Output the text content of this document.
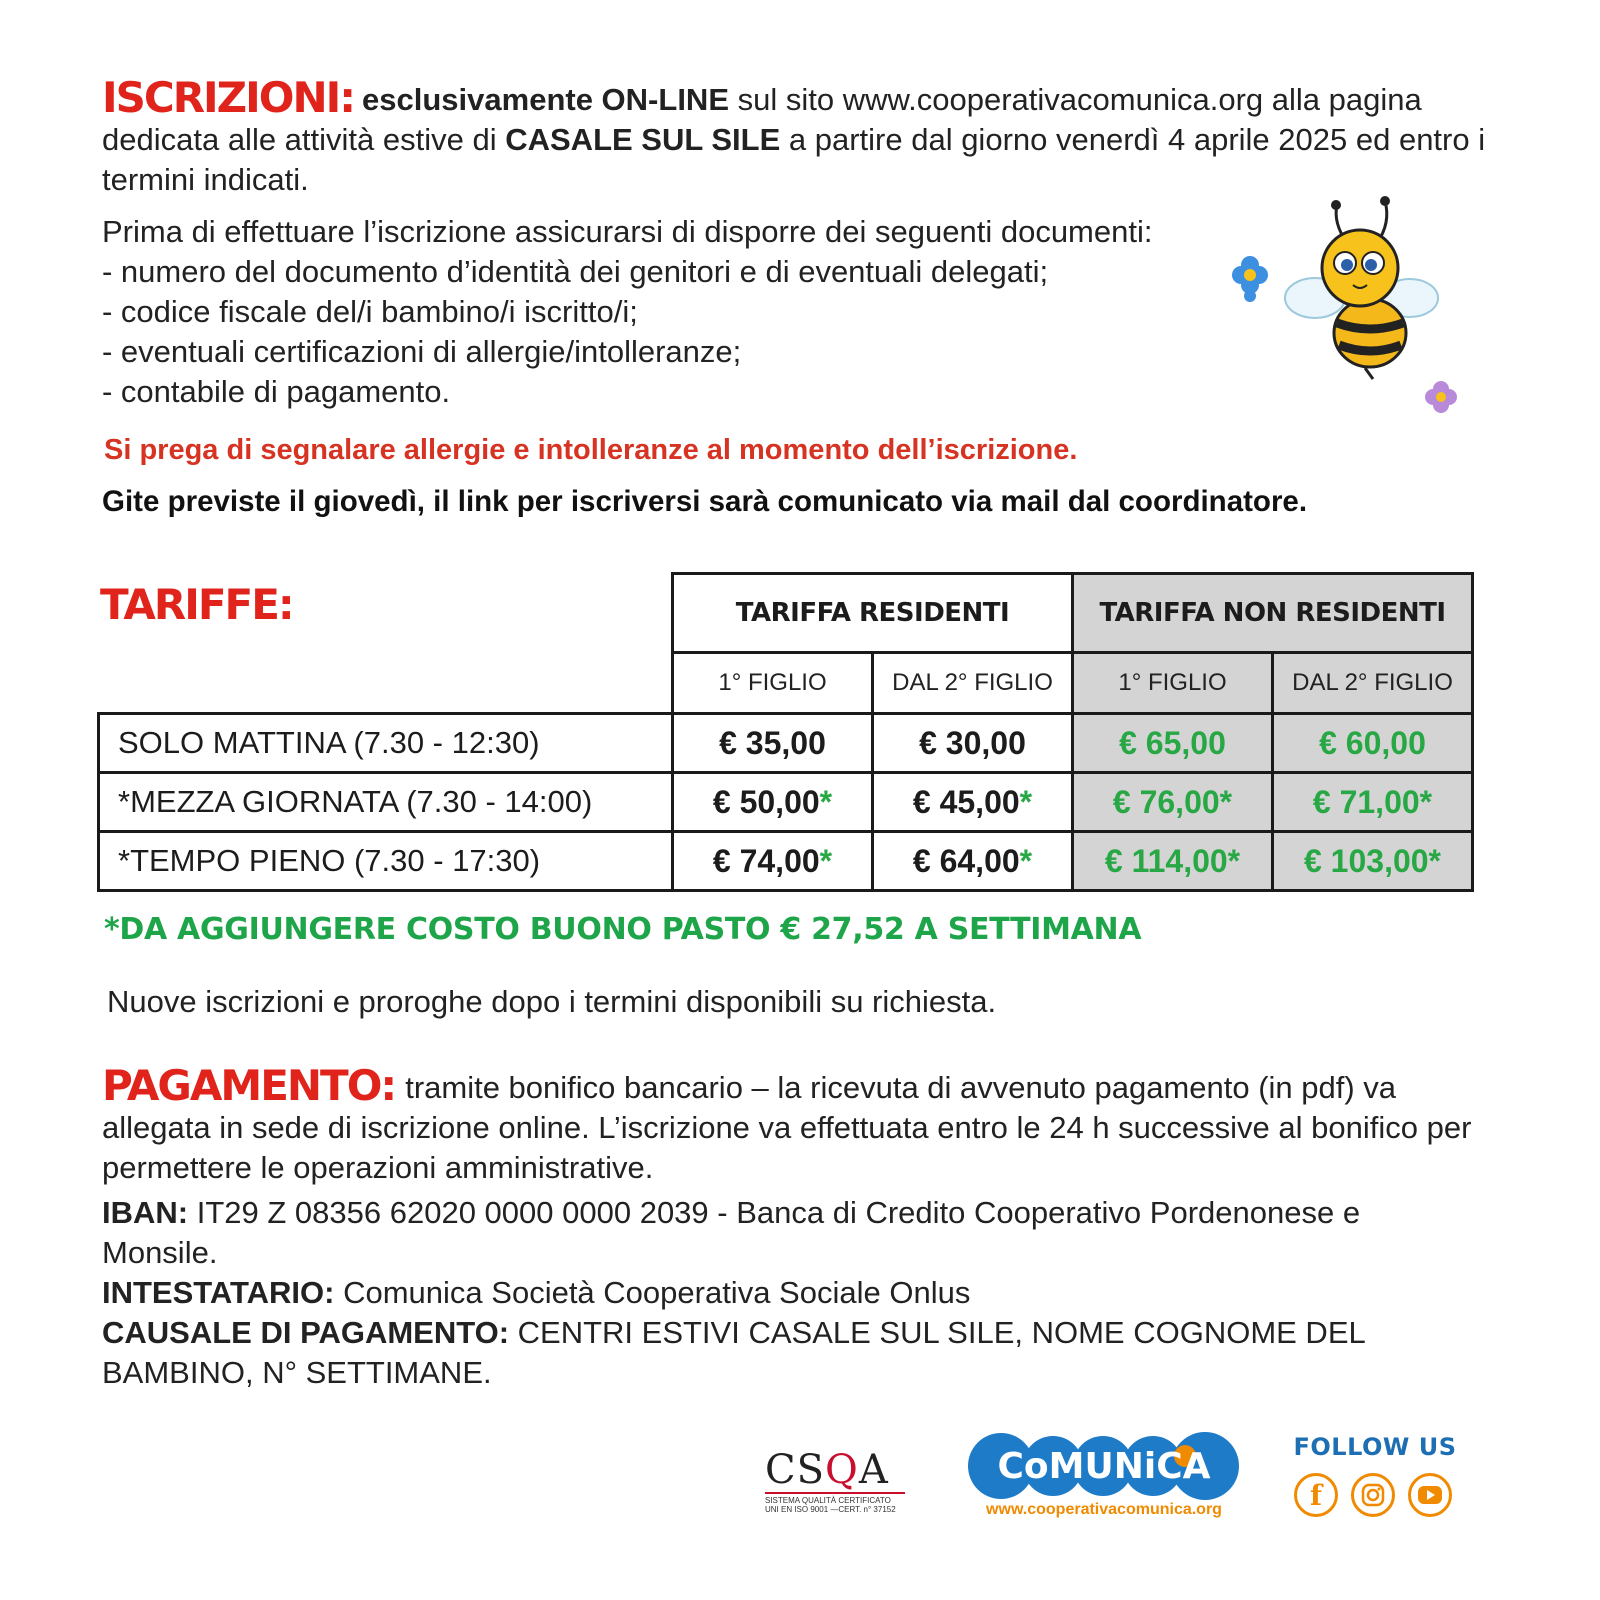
ISCRIZIONI: esclusivamente ON-LINE sul sito www.cooperativacomunica.org alla pagina dedicata alle attività estive di CASALE SUL SILE a partire dal giorno venerdì 4 aprile 2025 ed entro i termini indicati.
Prima di effettuare l’iscrizione assicurarsi di disporre dei seguenti documenti:
- numero del documento d’identità dei genitori e di eventuali delegati;
- codice fiscale del/i bambino/i iscritto/i;
- eventuali certificazioni di allergie/intolleranze;
- contabile di pagamento.
Si prega di segnalare allergie e intolleranze al momento dell’iscrizione.
Gite previste il giovedì, il link per iscriversi sarà comunicato via mail dal coordinatore.
TARIFFE:
		TARIFFA RESIDENTI		TARIFFA NON RESIDENTI	
	1° FIGLIO	DAL 2° FIGLIO	1° FIGLIO	DAL 2° FIGLIO
SOLO MATTINA (7.30 - 12:30)	€ 35,00	€ 30,00	€ 65,00	€ 60,00
*MEZZA GIORNATA (7.30 - 14:00)	€ 50,00*	€ 45,00*	€ 76,00*	€ 71,00*
*TEMPO PIENO (7.30 - 17:30)	€ 74,00*	€ 64,00*	€ 114,00*	€ 103,00*
*DA AGGIUNGERE COSTO BUONO PASTO € 27,52 A SETTIMANA
Nuove iscrizioni e proroghe dopo i termini disponibili su richiesta.
PAGAMENTO: tramite bonifico bancario – la ricevuta di avvenuto pagamento (in pdf) va allegata in sede di iscrizione online. L’iscrizione va effettuata entro le 24 h successive al bonifico per permettere le operazioni amministrative.
IBAN: IT29 Z 08356 62020 0000 0000 2039 - Banca di Credito Cooperativo Pordenonese e Monsile.
INTESTATARIO: Comunica Società Cooperativa Sociale Onlus
CAUSALE DI PAGAMENTO: CENTRI ESTIVI CASALE SUL SILE, NOME COGNOME DEL BAMBINO, N° SETTIMANE.
CSQA
SISTEMA QUALITÀ CERTIFICATO
UNI EN ISO 9001 —CERT. n° 37152
CoMUNiCA
www.cooperativacomunica.org
FOLLOW US
f
